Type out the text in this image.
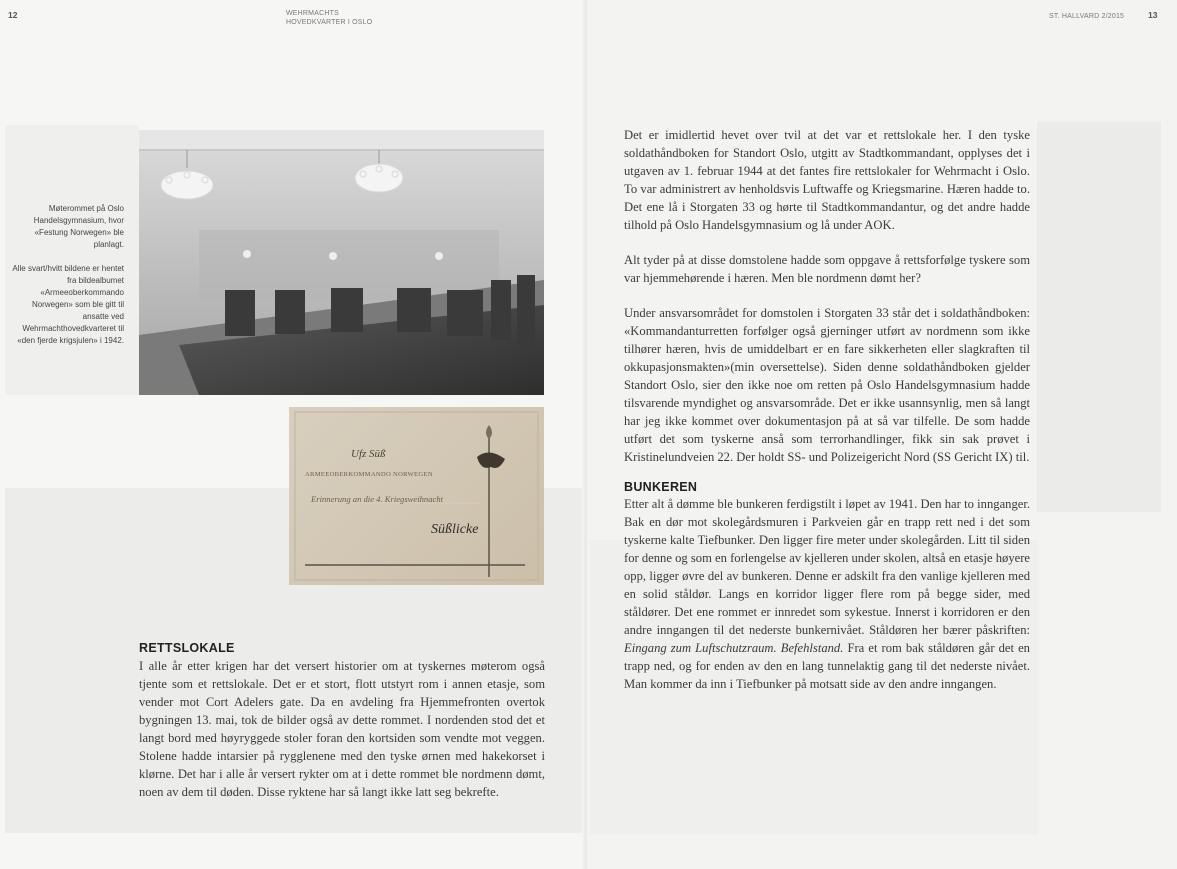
12	WEHRMACHTS
HOVEDKVARTER I OSLO
ST. HALLVARD 2/2015	13

Møterommet på Oslo Handelsgymnasium, hvor «Festung Norwegen» ble planlagt.

Alle svart/hvitt bildene er hentet fra bildealbumet «Armeeoberkommando Norwegen» som ble gitt til ansatte ved Wehrmachthovedkvarteret til «den fjerde krigsjulen» i 1942.

Ufz Süß
ARMEEOBERKOMMANDO NORWEGEN
Erinnerung an die 4. Kriegsweihnacht
Süßlicke
RETTSLOKALE

I alle år etter krigen har det versert historier om at tyskernes møterom også tjente som et rettslokale. Det er et stort, flott utstyrt rom i annen etasje, som vender mot Cort Adelers gate. Da en avdeling fra Hjemmefronten overtok bygningen 13. mai, tok de bilder også av dette rommet. I nordenden stod det et langt bord med høyryggede stoler foran den kortsiden som vendte mot veggen. Stolene hadde intarsier på rygglenene med den tyske ørnen med hakekorset i klørne. Det har i alle år versert rykter om at i dette rommet ble nordmenn dømt, noen av dem til døden. Disse ryktene har så langt ikke latt seg bekrefte.

Det er imidlertid hevet over tvil at det var et rettslokale her. I den tyske soldathåndboken for Standort Oslo, utgitt av Stadtkommandant, opplyses det i utgaven av 1. februar 1944 at det fantes fire rettslokaler for Wehrmacht i Oslo. To var administrert av henholdsvis Luftwaffe og Kriegsmarine. Hæren hadde to. Det ene lå i Storgaten 33 og hørte til Stadtkommandantur, og det andre hadde tilhold på Oslo Handelsgymnasium og lå under AOK.

Alt tyder på at disse domstolene hadde som oppgave å rettsforfølge tyskere som var hjemmehørende i hæren. Men ble nordmenn dømt her?

Under ansvarsområdet for domstolen i Storgaten 33 står det i soldathåndboken: «Kommandanturretten forfølger også gjerninger utført av nordmenn som ikke tilhører hæren, hvis de umiddelbart er en fare sikkerheten eller slagkraften til okkupasjonsmakten»(min oversettelse). Siden denne soldathåndboken gjelder Standort Oslo, sier den ikke noe om retten på Oslo Handelsgymnasium hadde tilsvarende myndighet og ansvarsområde. Det er ikke usannsynlig, men så langt har jeg ikke kommet over dokumentasjon på at så var tilfelle. De som hadde utført det som tyskerne anså som terrorhandlinger, fikk sin sak prøvet i Kristinelundveien 22. Der holdt SS- und Polizeigericht Nord (SS Gericht IX) til.

BUNKEREN

Etter alt å dømme ble bunkeren ferdigstilt i løpet av 1941. Den har to innganger. Bak en dør mot skolegårdsmuren i Parkveien går en trapp rett ned i det som tyskerne kalte Tiefbunker. Den ligger fire meter under skolegården. Litt til siden for denne og som en forlengelse av kjelleren under skolen, altså en etasje høyere opp, ligger øvre del av bunkeren. Denne er adskilt fra den vanlige kjelleren med en solid ståldør. Langs en korridor ligger flere rom på begge sider, med ståldører. Det ene rommet er innredet som sykestue. Innerst i korridoren er den andre inngangen til det nederste bunkernivået. Ståldøren her bærer påskriften: Eingang zum Luftschutzraum. Befehlstand. Fra et rom bak ståldøren går det en trapp ned, og for enden av den en lang tunnelaktig gang til det nederste nivået. Man kommer da inn i Tiefbunker på motsatt side av den andre inngangen.
